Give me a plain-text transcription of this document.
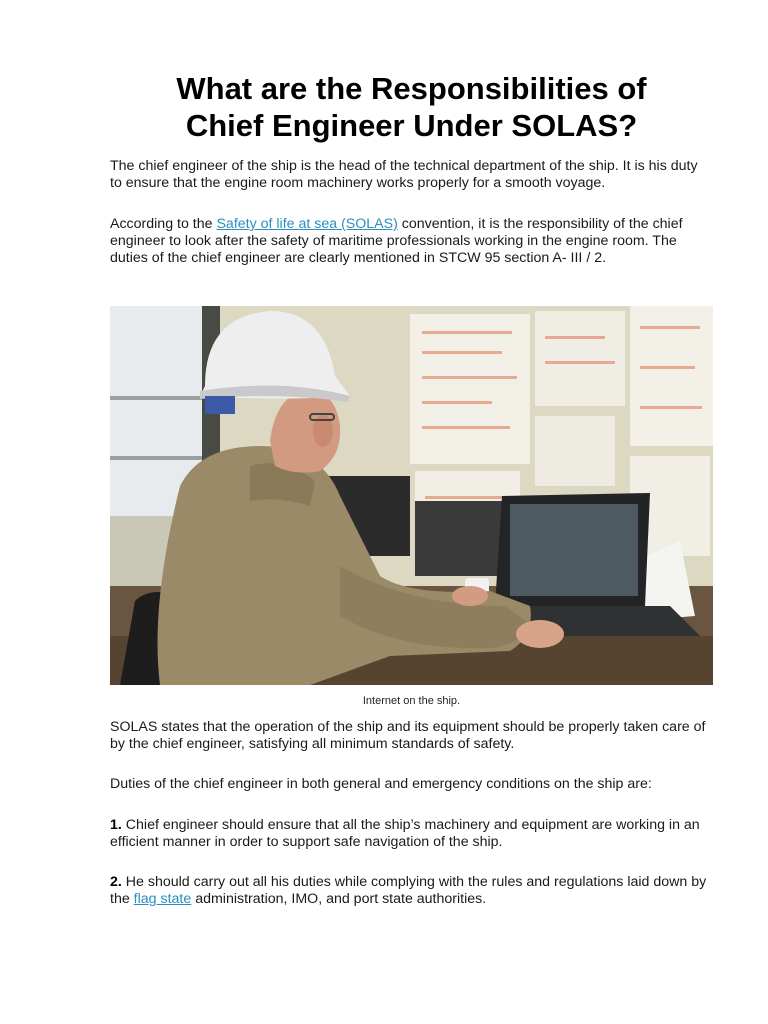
What are the Responsibilities of
Chief Engineer Under SOLAS?

The chief engineer of the ship is the head of the technical department of the ship. It is his duty to ensure that the engine room machinery works properly for a smooth voyage.

According to the Safety of life at sea (SOLAS) convention, it is the responsibility of the chief engineer to look after the safety of maritime professionals working in the engine room. The duties of the chief engineer are clearly mentioned in STCW 95 section A- III / 2.

Internet on the ship.

SOLAS states that the operation of the ship and its equipment should be properly taken care of by the chief engineer, satisfying all minimum standards of safety.

Duties of the chief engineer in both general and emergency conditions on the ship are:

1. Chief engineer should ensure that all the ship’s machinery and equipment are working in an efficient manner in order to support safe navigation of the ship.

2. He should carry out all his duties while complying with the rules and regulations laid down by the flag state administration, IMO, and port state authorities.
